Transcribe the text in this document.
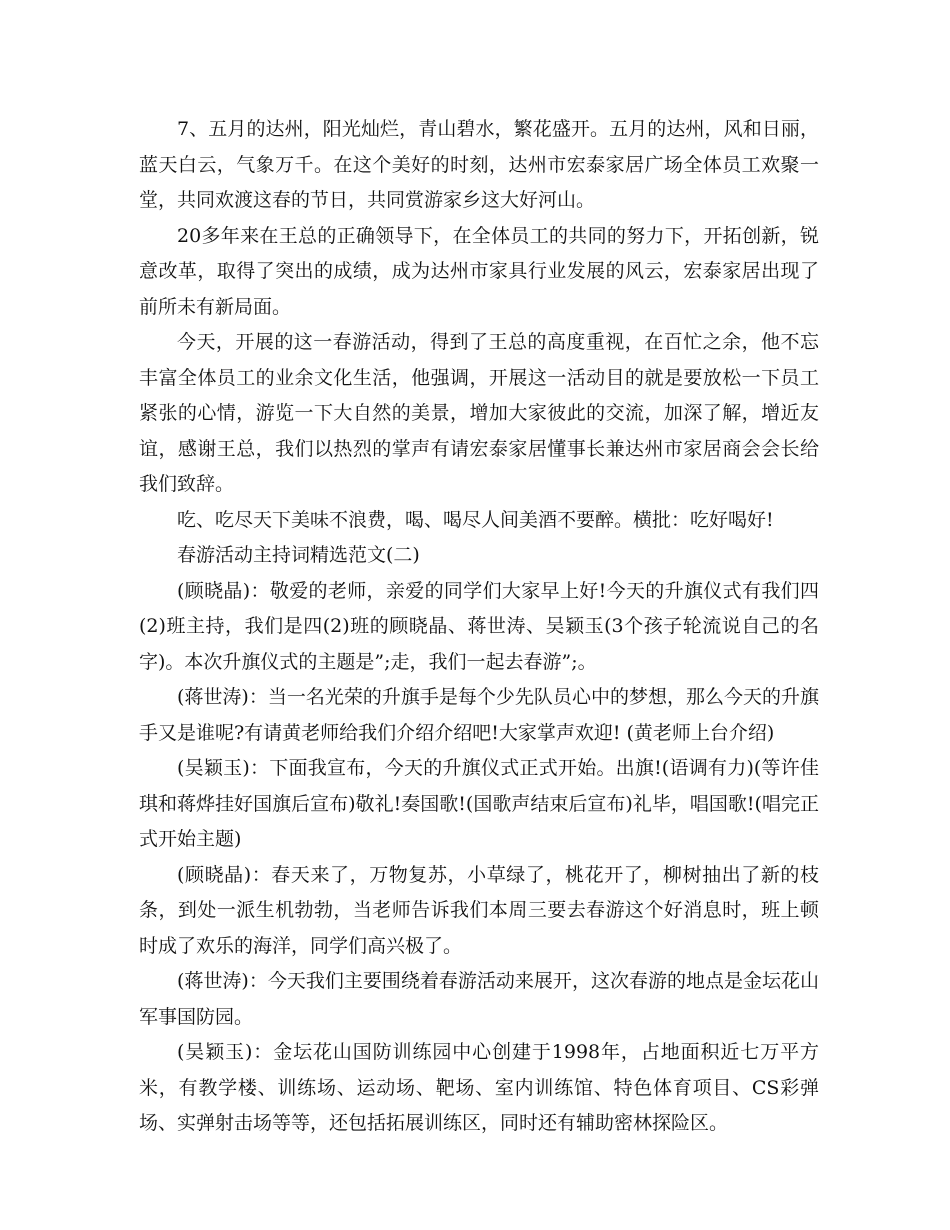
7、五月的达州，阳光灿烂，青山碧水，繁花盛开。五月的达州，风和日丽，蓝天白云，气象万千。在这个美好的时刻，达州市宏泰家居广场全体员工欢聚一堂，共同欢渡这春的节日，共同赏游家乡这大好河山。

20多年来在王总的正确领导下，在全体员工的共同的努力下，开拓创新，锐意改革，取得了突出的成绩，成为达州市家具行业发展的风云，宏泰家居出现了前所未有新局面。

今天，开展的这一春游活动，得到了王总的高度重视，在百忙之余，他不忘丰富全体员工的业余文化生活，他强调，开展这一活动目的就是要放松一下员工紧张的心情，游览一下大自然的美景，增加大家彼此的交流，加深了解，增近友谊，感谢王总，我们以热烈的掌声有请宏泰家居懂事长兼达州市家居商会会长给我们致辞。

吃、吃尽天下美味不浪费，喝、喝尽人间美酒不要醉。横批：吃好喝好!

春游活动主持词精选范文(二)

(顾晓晶)：敬爱的老师，亲爱的同学们大家早上好!今天的升旗仪式有我们四(2)班主持，我们是四(2)班的顾晓晶、蒋世涛、吴颖玉(3个孩子轮流说自己的名字)。本次升旗仪式的主题是”;走，我们一起去春游”;。

(蒋世涛)：当一名光荣的升旗手是每个少先队员心中的梦想，那么今天的升旗手又是谁呢?有请黄老师给我们介绍介绍吧!大家掌声欢迎! (黄老师上台介绍)

(吴颖玉)：下面我宣布，今天的升旗仪式正式开始。出旗!(语调有力)(等许佳琪和蒋烨挂好国旗后宣布)敬礼!奏国歌!(国歌声结束后宣布)礼毕，唱国歌!(唱完正式开始主题)

(顾晓晶)：春天来了，万物复苏，小草绿了，桃花开了，柳树抽出了新的枝条，到处一派生机勃勃，当老师告诉我们本周三要去春游这个好消息时，班上顿时成了欢乐的海洋，同学们高兴极了。

(蒋世涛)：今天我们主要围绕着春游活动来展开，这次春游的地点是金坛花山军事国防园。

(吴颖玉)：金坛花山国防训练园中心创建于1998年，占地面积近七万平方米，有教学楼、训练场、运动场、靶场、室内训练馆、特色体育项目、CS彩弹场、实弹射击场等等，还包括拓展训练区，同时还有辅助密林探险区。
